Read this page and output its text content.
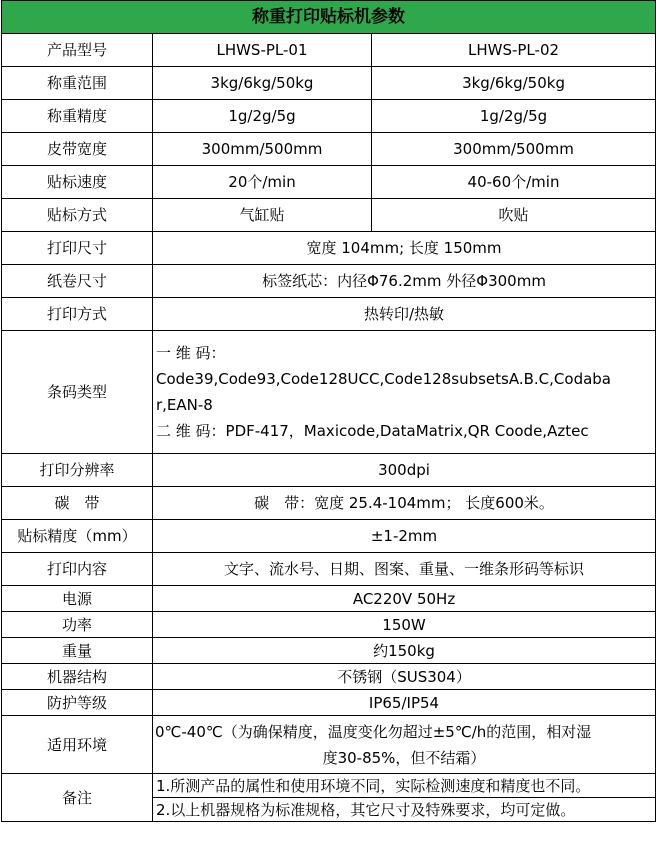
称重打印贴标机参数		
产品型号	LHWS-PL-01	LHWS-PL-02
称重范围	3kg/6kg/50kg	3kg/6kg/50kg
称重精度	1g/2g/5g	1g/2g/5g
皮带宽度	300mm/500mm	300mm/500mm
贴标速度	20个/min	40-60个/min
贴标方式	气缸贴	吹贴
打印尺寸	宽度 104mm; 长度 150mm	
纸卷尺寸	标签纸芯：内径Φ76.2mm 外径Φ300mm	
打印方式	热转印/热敏	
条码类型	一 维 码：
Code39,Code93,Code128UCC,Code128subsetsA.B.C,Codaba
r,EAN-8
二 维 码：PDF-417，Maxicode,DataMatrix,QR Coode,Aztec	

打印分辨率	300dpi	
碳　带	碳　带：宽度 25.4-104mm； 长度600米。	
贴标精度（mm）	±1-2mm	
打印内容	文字、流水号、日期、图案、重量、一维条形码等标识	
电源	AC220V 50Hz	
功率	150W	
重量	约150kg	
机器结构	不锈钢（SUS304）	
防护等级	IP65/IP54	
适用环境	0℃-40℃（为确保精度，温度变化勿超过±5℃/h的范围，相对湿
度30-85%，但不结霜）	

备注	1.所测产品的属性和使用环境不同，实际检测速度和精度也不同。	
	2.以上机器规格为标准规格，其它尺寸及特殊要求，均可定做。	
